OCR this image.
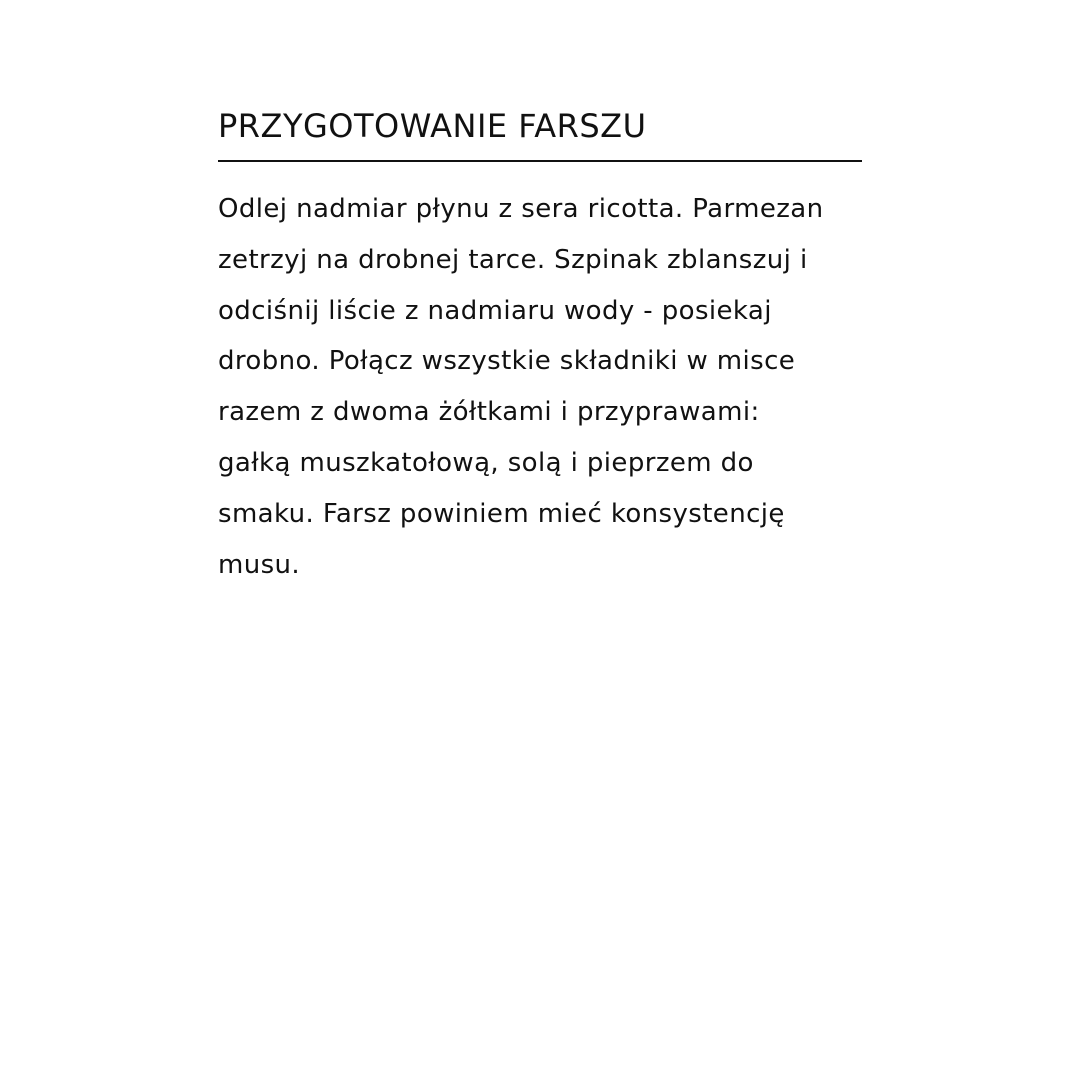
PRZYGOTOWANIE FARSZU
Odlej nadmiar płynu z sera ricotta. Parmezan
zetrzyj na drobnej tarce. Szpinak zblanszuj i
odciśnij liście z nadmiaru wody - posiekaj
drobno. Połącz wszystkie składniki w misce
razem z dwoma żółtkami i przyprawami:
gałką muszkatołową, solą i pieprzem do
smaku. Farsz powiniem mieć konsystencję
musu.
